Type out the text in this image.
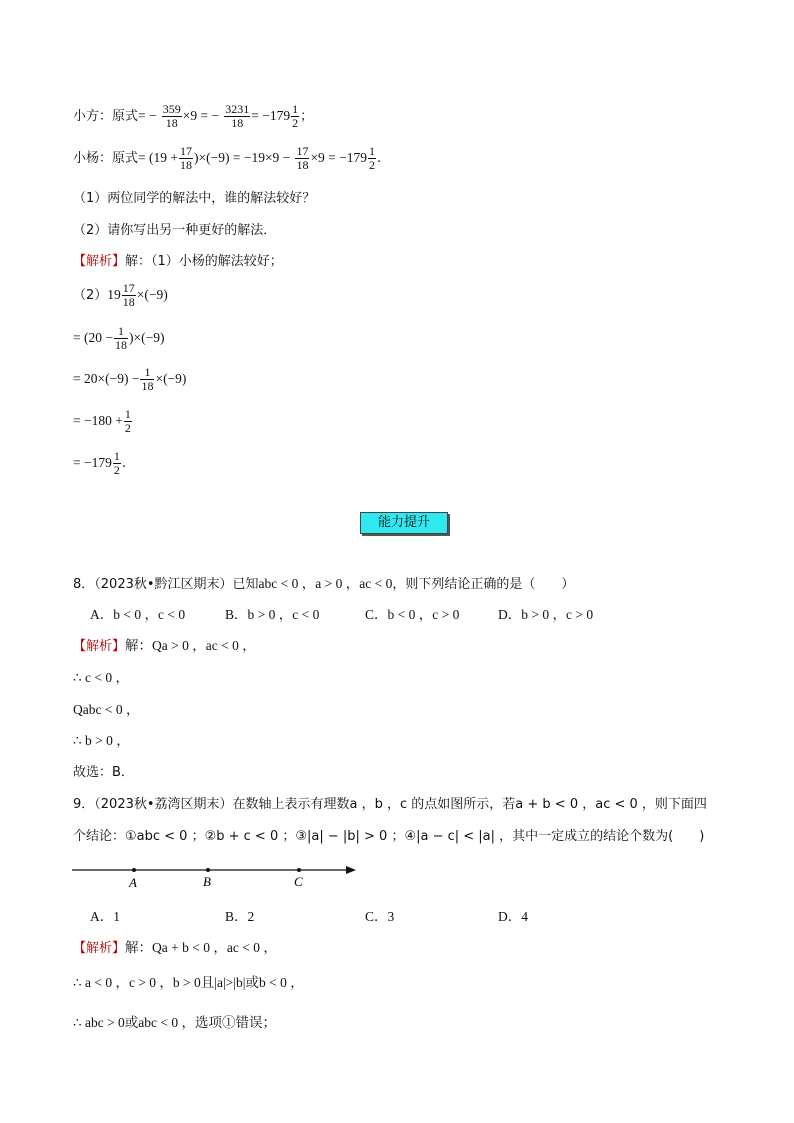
小方：原式= − $\frac{359}{18} \times 9$ = − $\frac{3231}{18} = -179 \frac{1}{2}$ ；
小杨：原式= $(19 + \frac{17}{18} )\times(-9) = -19\times 9 - \frac{17}{18} \times 9 = -179 \frac{1}{2}$ .
（1）两位同学的解法中，谁的解法较好？
（2）请你写出另一种更好的解法．
【解析】解：（1）小杨的解法较好；
$(2)19 \frac{17}{18} \times(-9)$
= $(20 - \frac{1}{18} )\times(-9)$
= $20\times(-9) - \frac{1}{18} \times(-9)$
= $-180 + \frac{1}{2}$
= $-179 \frac{1}{2}$ .
能力提升
8．（2023秋•黔江区期末）已知abc < 0 ，a > 0 ，ac < 0，则下列结论正确的是（　　）
A．b < 0 ，c < 0	B．b > 0 ，c < 0	C．b < 0 ，c > 0	D．b > 0 ，c > 0
【解析】解：Qa > 0 ，ac < 0 ，
∴ c < 0 ，
Qabc < 0 ，
∴ b > 0 ，
故选：B．
9．（2023秋•荔湾区期末）在数轴上表示有理数a ，b ，c 的点如图所示，若a + b < 0 ，ac < 0 ，则下面四
个结论：①abc < 0 ；②b + c < 0 ；③|a| − |b| > 0 ；④|a − c| < |a| ，其中一定成立的结论个数为(　　)
A	B	C
A．1	B．2	C．3	D．4
【解析】解：Qa + b < 0 ，ac < 0 ，
∴ a < 0 ，c > 0 ，b > 0且|a|>|b|或b < 0 ，
∴ abc > 0或abc < 0 ，选项①错误；
